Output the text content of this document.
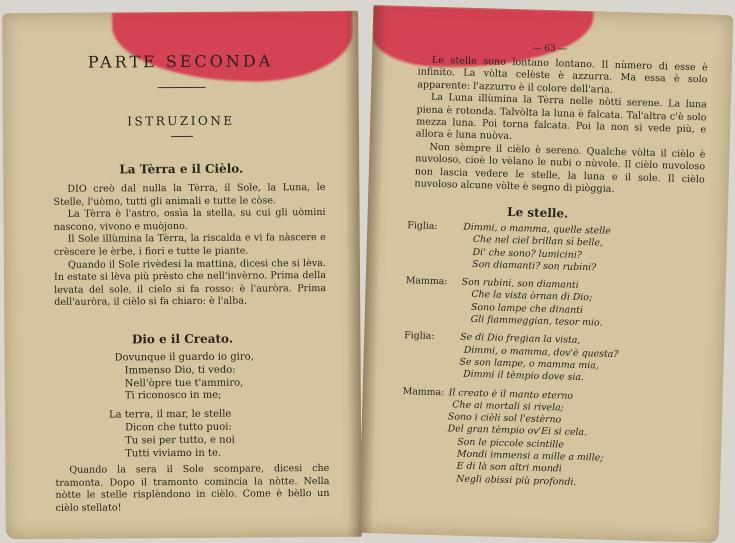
PARTE SECONDA
ISTRUZIONE
La Tèrra e il Cièlo.

DIO creò dal nulla la Tèrra, il Sole, la Luna, le Stelle, l'uòmo, tutti gli animali e tutte le còse.

La Tèrra è l'astro, ossìa la stella, su cui gli uòmini nascono, vivono e muòjono.

Il Sole illùmina la Tèrra, la riscalda e vi fa nàscere e crèscere le èrbe, i fiori e tutte le piante.

Quando il Sole rivèdesi la mattina, dicesi che si lèva. In estate si lèva più prèsto che nell'invèrno. Prima della levata del sole, il cielo si fa rosso: è l'auròra. Prima dell'auròra, il cièlo si fa chiaro: è l'alba.

Dio e il Creato.
Dovunque il guardo io giro,
Immenso Dio, ti vedo:
Nell'òpre tue t'ammiro,
Ti riconosco in me;
La terra, il mar, le stelle
Dicon che tutto puoi:
Tu sei per tutto, e noi
Tutti viviamo in te.

Quando la sera il Sole scompare, dicesi che tramonta. Dopo il tramonto comincia la nòtte. Nella nòtte le stelle risplèndono in cièlo. Come è bèllo un cièlo stellato!

— 63 —

Le stelle sono lontano lontano. Il nùmero di esse è infinito. La vòlta celèste è azzurra. Ma essa è solo apparente: l'azzurro è il colore dell'aria.

La Luna illùmina la Tèrra nelle nòtti serene. La luna piena è rotonda. Talvòlta la luna è falcata. Tal'altra c'è solo mezza luna. Poi torna falcata. Poi la non si vede più, e allora è luna nuòva.

Non sèmpre il cièlo è sereno. Qualche vòlta il cièlo è nuvoloso, cioè lo vèlano le nubi o nùvole. Il cièlo nuvoloso non lascia vedere le stelle, la luna e il sole. Il cièlo nuvoloso alcune vòlte è segno di piòggia.

Le stelle.
Figlia:	Dimmi, o mamma, quelle stelle
Che nel ciel brillan sì belle,
Di' che sono? lumicini?
Son diamanti? son rubini?
Mamma: Son rubini, son diamanti
Che la vista òrnan di Dio;
Sono lampe che dinanti
Gli fiammeggian, tesor mio.
Figlia:	Se di Dio fregian la vista,
Dimmi, o mamma, dov'è questa?
Se son lampe, o mamma mia,
Dimmi il tèmpio dove sia.
Mamma: Il creato è il manto eterno
Che ai mortali si rivela;
Sono i cièli sol l'estèrno
Del gran tèmpio ov'Ei si cela.
Son le piccole scintille
Mondi immensi a mille a mille;
E di là son altri mondi
Negli abissi più profondi.
